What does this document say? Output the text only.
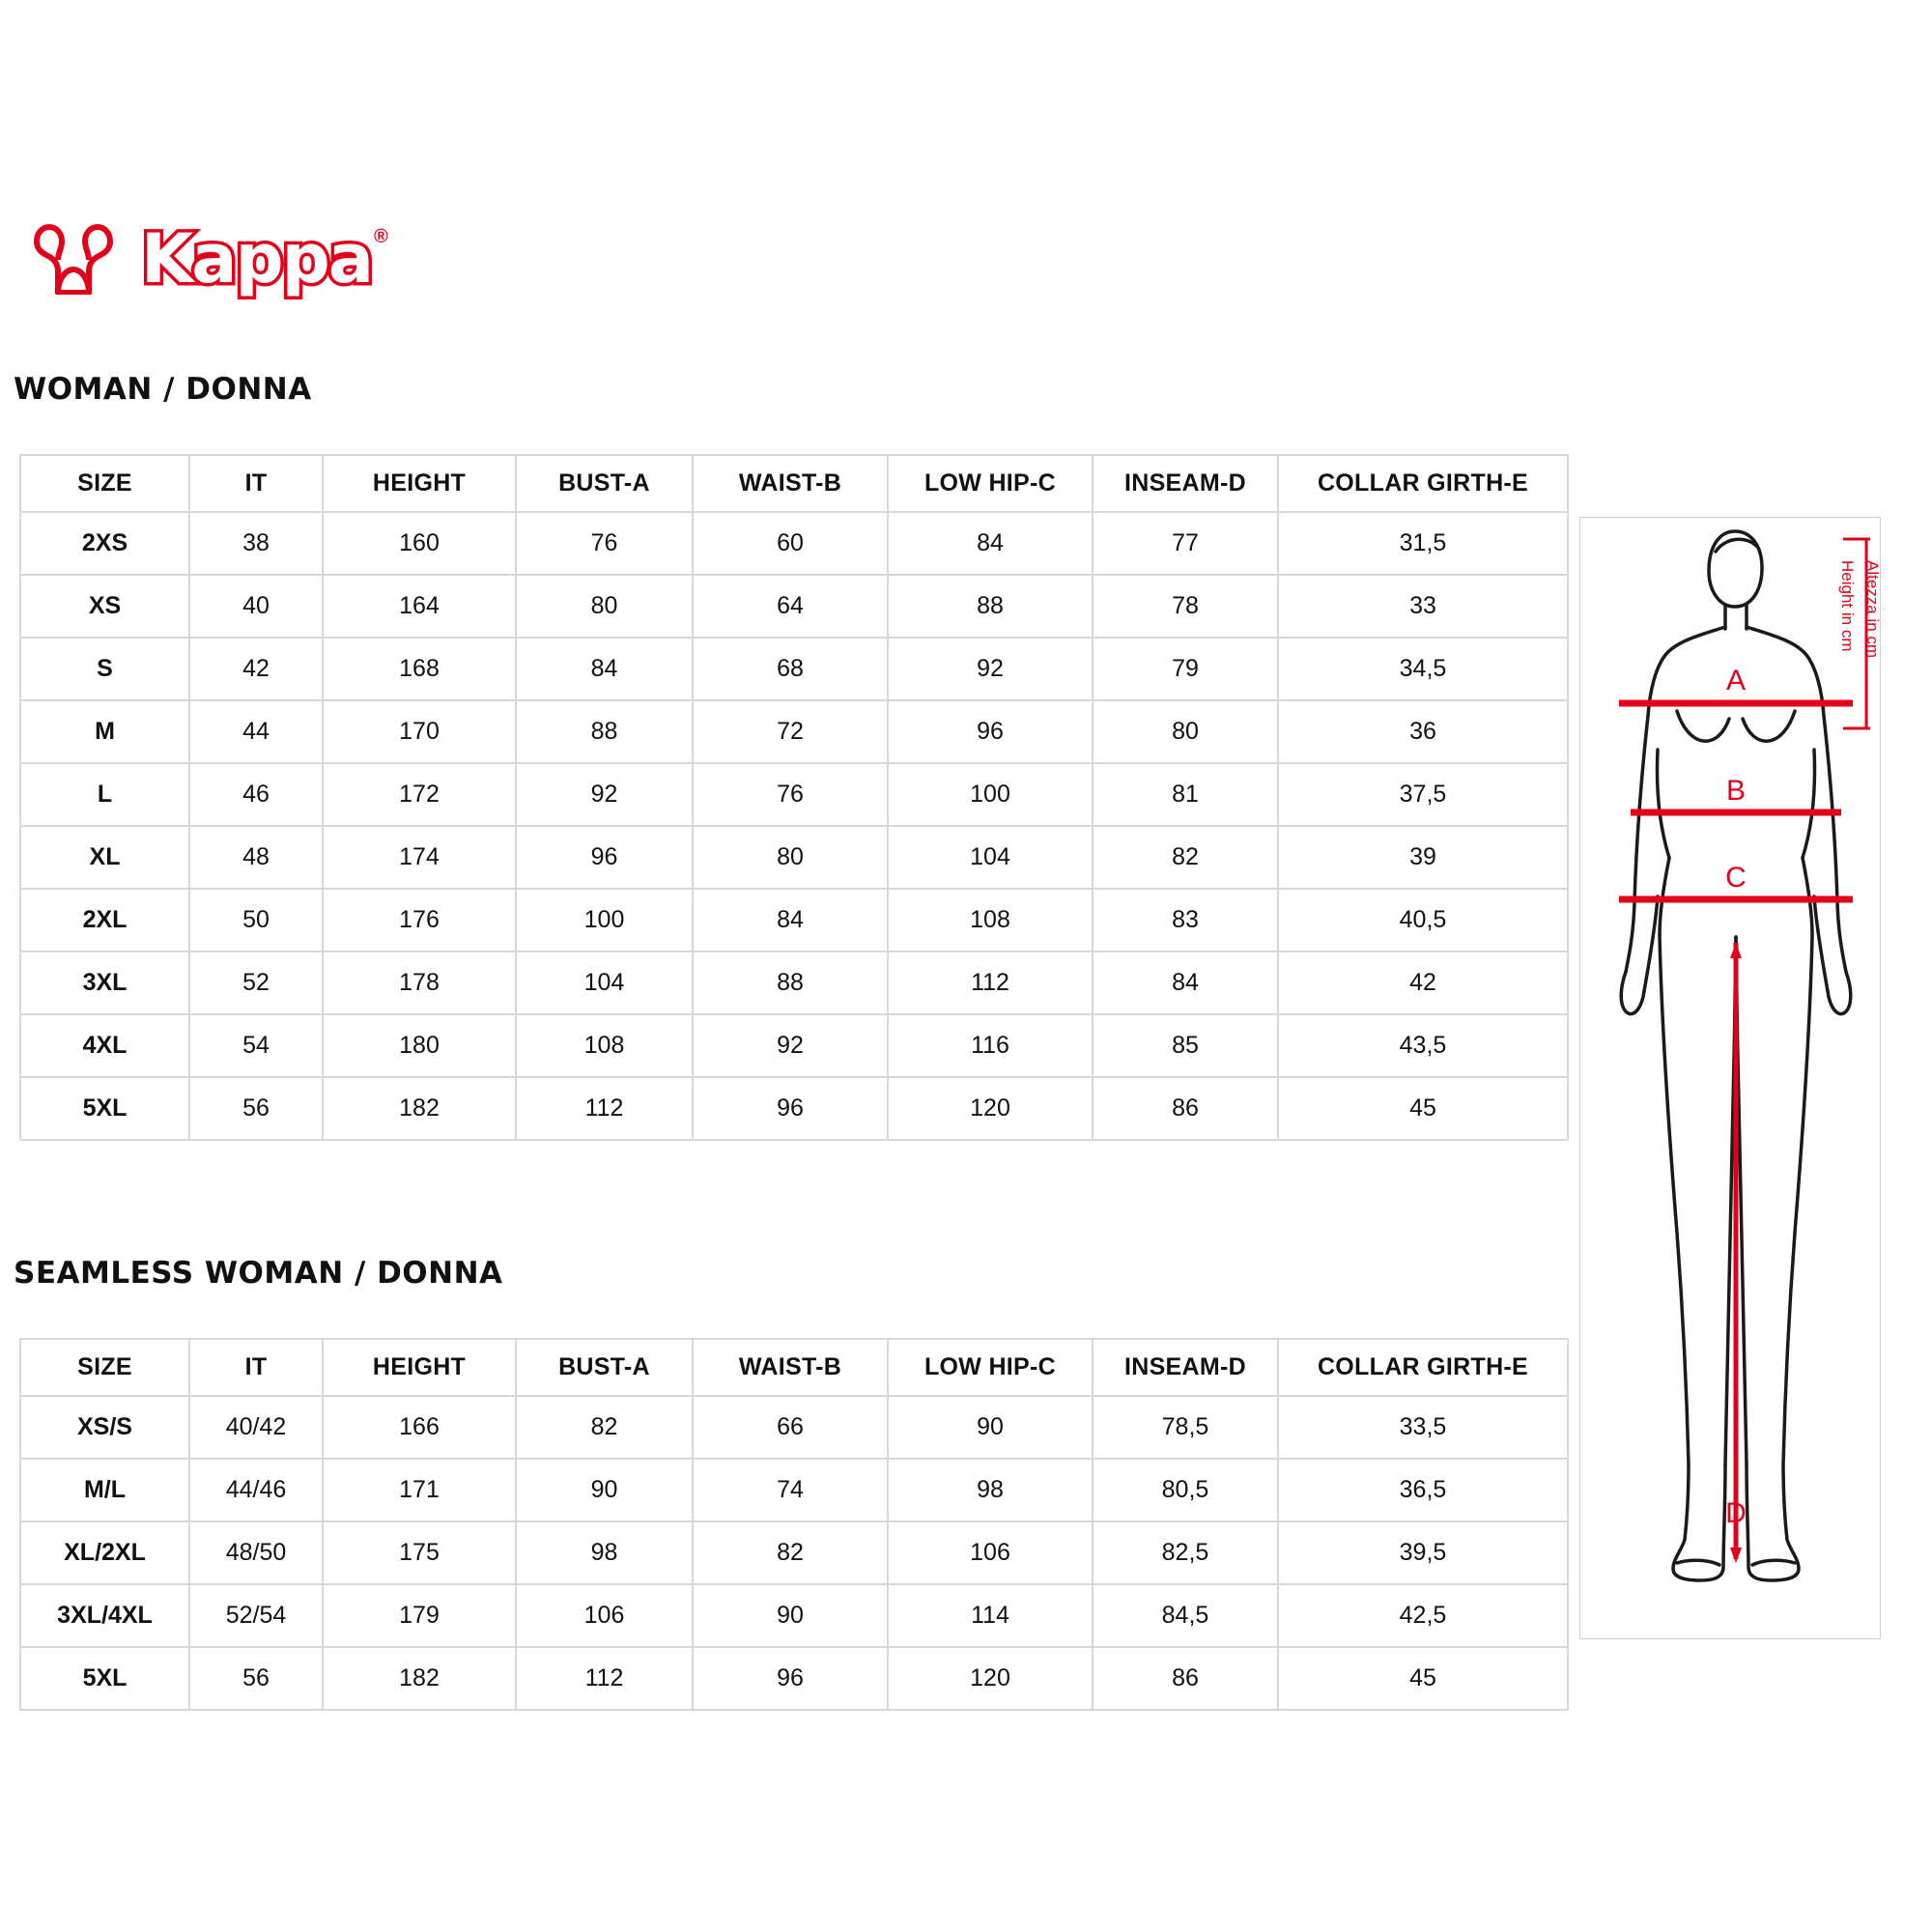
Kappa ®
WOMAN / DONNA
SIZE	IT	HEIGHT	BUST-A	WAIST-B	LOW HIP-C	INSEAM-D	COLLAR GIRTH-E
2XS	38	160	76	60	84	77	31,5
XS	40	164	80	64	88	78	33
S	42	168	84	68	92	79	34,5
M	44	170	88	72	96	80	36
L	46	172	92	76	100	81	37,5
XL	48	174	96	80	104	82	39
2XL	50	176	100	84	108	83	40,5
3XL	52	178	104	88	112	84	42
4XL	54	180	108	92	116	85	43,5
5XL	56	182	112	96	120	86	45
SEAMLESS WOMAN / DONNA
SIZE	IT	HEIGHT	BUST-A	WAIST-B	LOW HIP-C	INSEAM-D	COLLAR GIRTH-E
XS/S	40/42	166	82	66	90	78,5	33,5
M/L	44/46	171	90	74	98	80,5	36,5
XL/2XL	48/50	175	98	82	106	82,5	39,5
3XL/4XL	52/54	179	106	90	114	84,5	42,5
5XL	56	182	112	96	120	86	45
A
B
C
D
Height in cm Altezza in cm
